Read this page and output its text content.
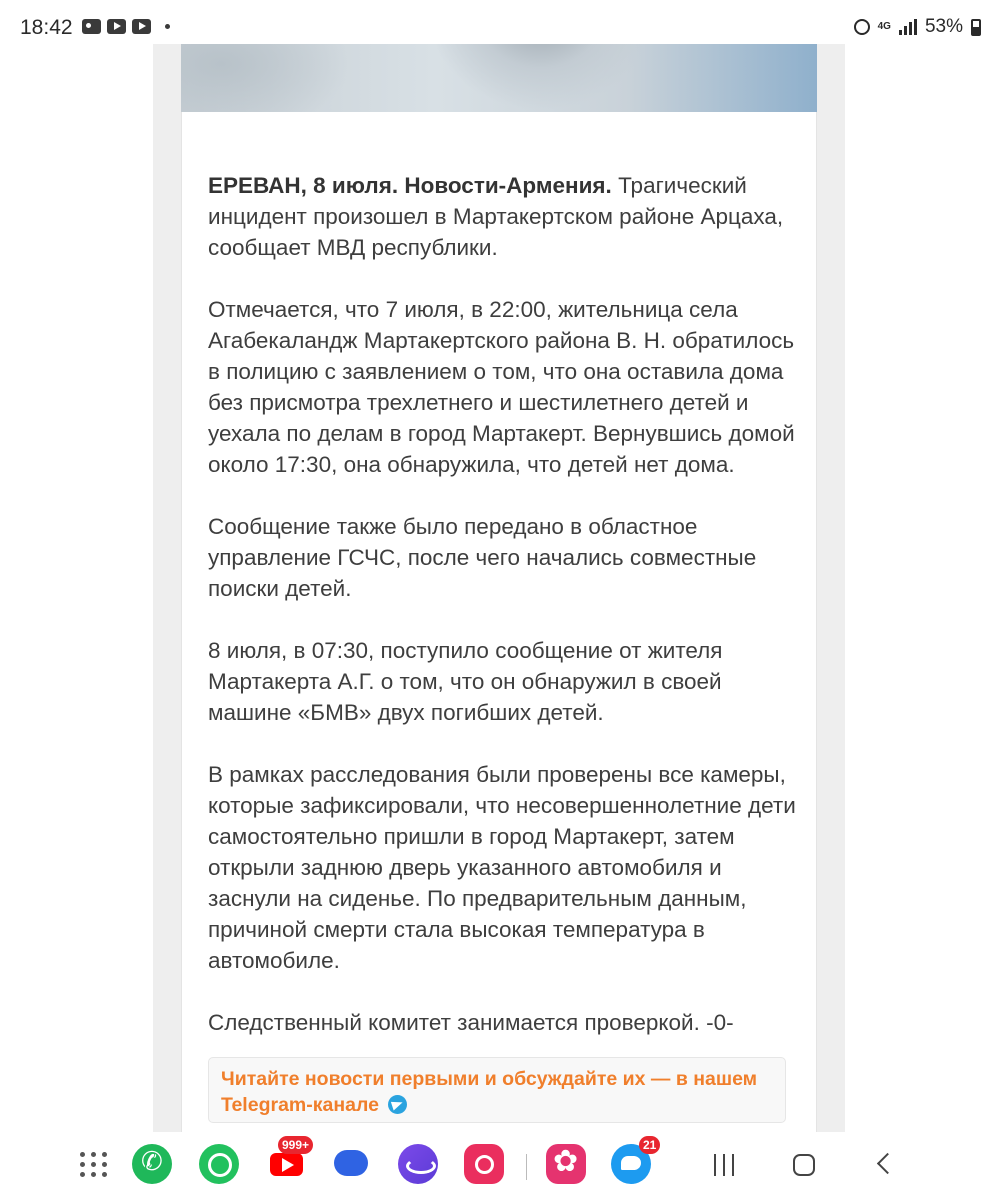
18:42	4G 53%

ЕРЕВАН, 8 июля. Новости-Армения. Трагический инцидент произошел в Мартакертском районе Арцаха, сообщает МВД республики.

Отмечается, что 7 июля, в 22:00, жительница села Агабекаландж Мартакертского района В. Н. обратилось в полицию с заявлением о том, что она оставила дома без присмотра трехлетнего и шестилетнего детей и уехала по делам в город Мартакерт. Вернувшись домой около 17:30, она обнаружила, что детей нет дома.

Сообщение также было передано в областное управление ГСЧС, после чего начались совместные поиски детей.

8 июля, в 07:30, поступило сообщение от жителя Мартакерта А.Г. о том, что он обнаружил в своей машине «БМВ» двух погибших детей.

В рамках расследования были проверены все камеры, которые зафиксировали, что несовершеннолетние дети самостоятельно пришли в город Мартакерт, затем открыли заднюю дверь указанного автомобиля и заснули на сиденье. По предварительным данным, причиной смерти стала высокая температура в автомобиле.

Следственный комитет занимается проверкой. -0-

Читайте новости первыми и обсуждайте их — в нашем Telegram-канале
✆
999+
✿	21
